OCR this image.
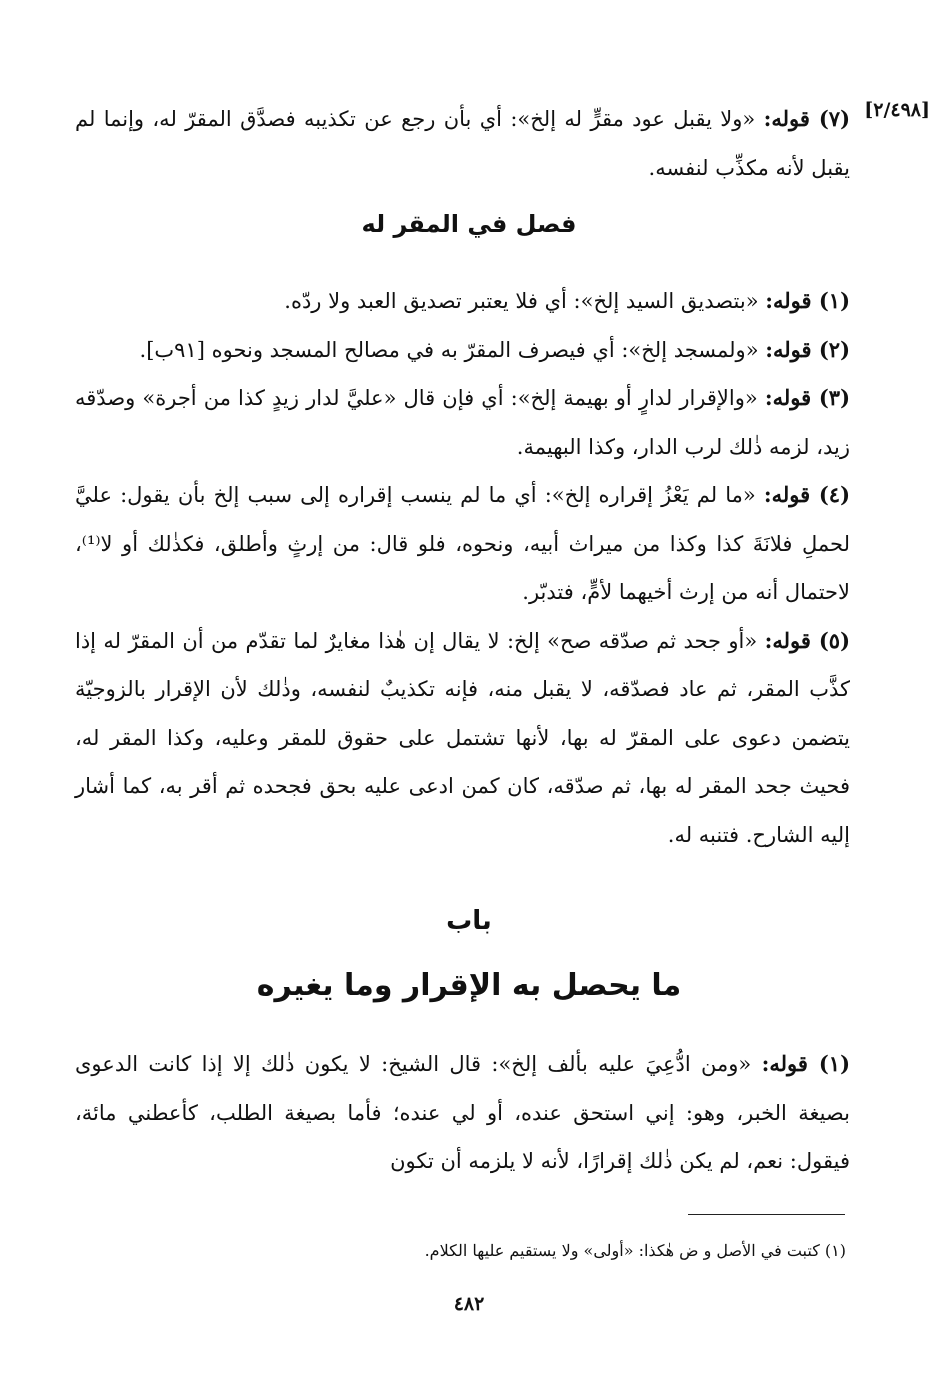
[٢/٤٩٨]

(٧) قوله: «ولا يقبل عود مقرٍّ له إلخ»: أي بأن رجع عن تكذيبه فصدَّق المقرّ له، وإنما لم يقبل لأنه مكذِّب لنفسه.

فصل في المقر له

(١) قوله: «بتصديق السيد إلخ»: أي فلا يعتبر تصديق العبد ولا ردّه.

(٢) قوله: «ولمسجد إلخ»: أي فيصرف المقرّ به في مصالح المسجد ونحوه [٩١ب].

(٣) قوله: «والإقرار لدارٍ أو بهيمة إلخ»: أي فإن قال «عليَّ لدار زيدٍ كذا من أجرة» وصدّقه زيد، لزمه ذٰلك لرب الدار، وكذا البهيمة.

(٤) قوله: «ما لم يَعْزُ إقراره إلخ»: أي ما لم ينسب إقراره إلى سبب إلخ بأن يقول: عليَّ لحملِ فلانَةَ كذا وكذا من ميراث أبيه، ونحوه، فلو قال: من إرثٍ وأطلق، فكذٰلك أو لا⁽¹⁾، لاحتمال أنه من إرث أخيهما لأمٍّ، فتدبّر.

(٥) قوله: «أو جحد ثم صدّقه صح» إلخ: لا يقال إن هٰذا مغايرٌ لما تقدّم من أن المقرّ له إذا كذَّب المقر، ثم عاد فصدّقه، لا يقبل منه، فإنه تكذيبٌ لنفسه، وذٰلك لأن الإقرار بالزوجيّة يتضمن دعوى على المقرّ له بها، لأنها تشتمل على حقوق للمقر وعليه، وكذا المقر له، فحيث جحد المقر له بها، ثم صدّقه، كان كمن ادعى عليه بحق فجحده ثم أقر به، كما أشار إليه الشارح. فتنبه له.

باب
ما يحصل به الإقرار وما يغيره

(١) قوله: «ومن ادُّعِيَ عليه بألف إلخ»: قال الشيخ: لا يكون ذٰلك إلا إذا كانت الدعوى بصيغة الخبر، وهو: إني استحق عنده، أو لي عنده؛ فأما بصيغة الطلب، كأعطني مائة، فيقول: نعم، لم يكن ذٰلك إقرارًا، لأنه لا يلزمه أن تكون

(١) كتبت في الأصل و ض هٰكذا: «أولى» ولا يستقيم عليها الكلام.
٤٨٢
